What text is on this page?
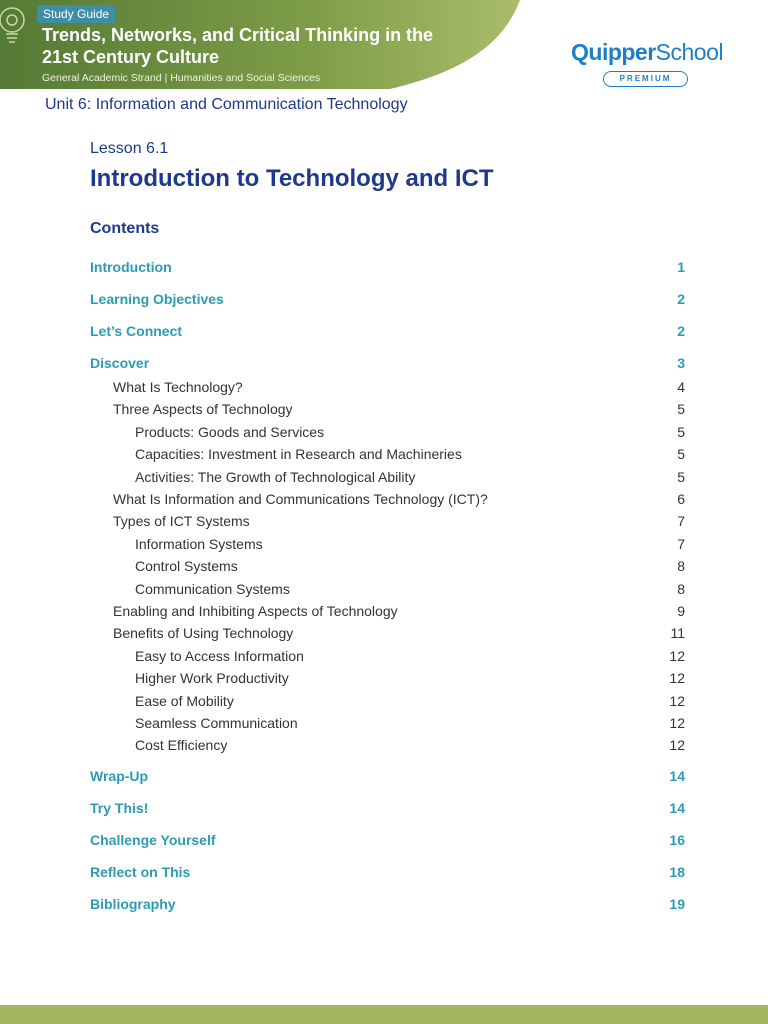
Study Guide
Trends, Networks, and Critical Thinking in the 21st Century Culture
General Academic Strand | Humanities and Social Sciences
QuipperSchool
PREMIUM
Unit 6: Information and Communication Technology
Lesson 6.1
Introduction to Technology and ICT
Contents
Introduction	1
Learning Objectives	2
Let’s Connect	2
Discover	3
What Is Technology?	4
Three Aspects of Technology	5
Products: Goods and Services	5
Capacities: Investment in Research and Machineries	5
Activities: The Growth of Technological Ability	5
What Is Information and Communications Technology (ICT)?	6
Types of ICT Systems	7
Information Systems	7
Control Systems	8
Communication Systems	8
Enabling and Inhibiting Aspects of Technology	9
Benefits of Using Technology	11
Easy to Access Information	12
Higher Work Productivity	12
Ease of Mobility	12
Seamless Communication	12
Cost Efficiency	12
Wrap-Up	14
Try This!	14
Challenge Yourself	16
Reflect on This	18
Bibliography	19
